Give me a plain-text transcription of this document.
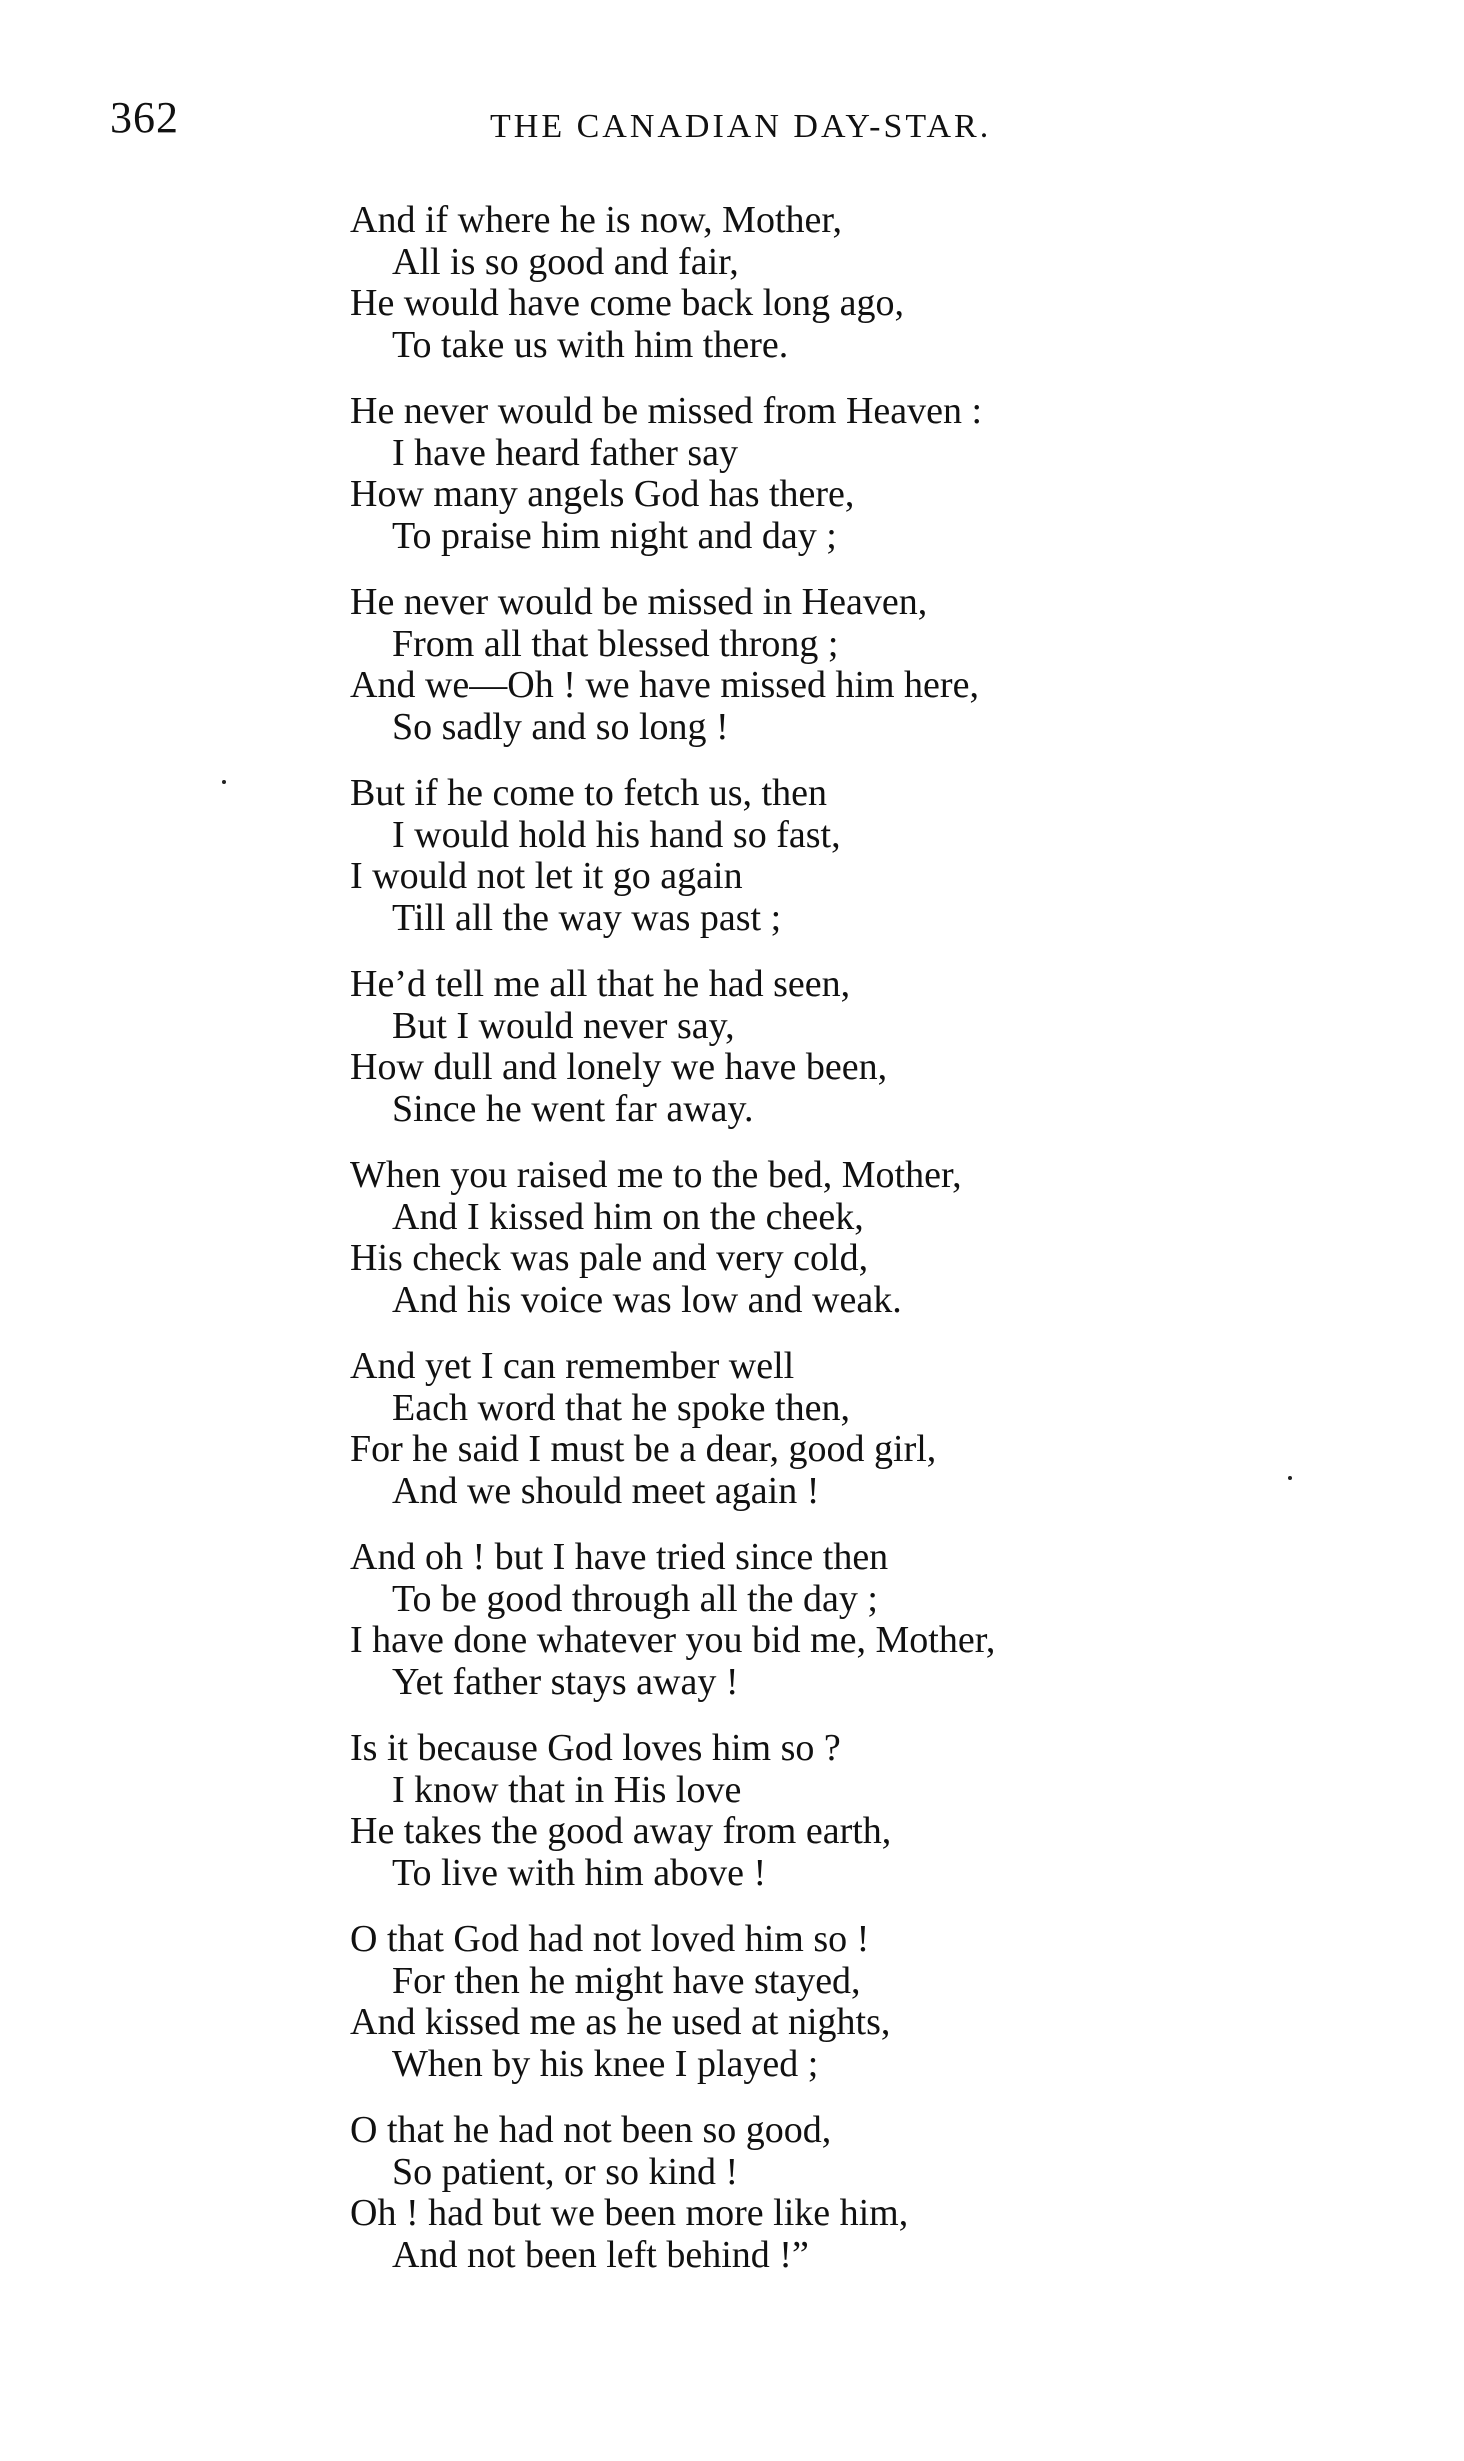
362	THE CANADIAN DAY-STAR.
And if where he is now, Mother,
All is so good and fair,
He would have come back long ago,
To take us with him there.
He never would be missed from Heaven :
I have heard father say
How many angels God has there,
To praise him night and day ;
He never would be missed in Heaven,
From all that blessed throng ;
And we—Oh ! we have missed him here,
So sadly and so long !
But if he come to fetch us, then
I would hold his hand so fast,
I would not let it go again
Till all the way was past ;
He’d tell me all that he had seen,
But I would never say,
How dull and lonely we have been,
Since he went far away.
When you raised me to the bed, Mother,
And I kissed him on the cheek,
His check was pale and very cold,
And his voice was low and weak.
And yet I can remember well
Each word that he spoke then,
For he said I must be a dear, good girl,
And we should meet again !
And oh ! but I have tried since then
To be good through all the day ;
I have done whatever you bid me, Mother,
Yet father stays away !
Is it because God loves him so ?
I know that in His love
He takes the good away from earth,
To live with him above !
O that God had not loved him so !
For then he might have stayed,
And kissed me as he used at nights,
When by his knee I played ;
O that he had not been so good,
So patient, or so kind !
Oh ! had but we been more like him,
And not been left behind !”
